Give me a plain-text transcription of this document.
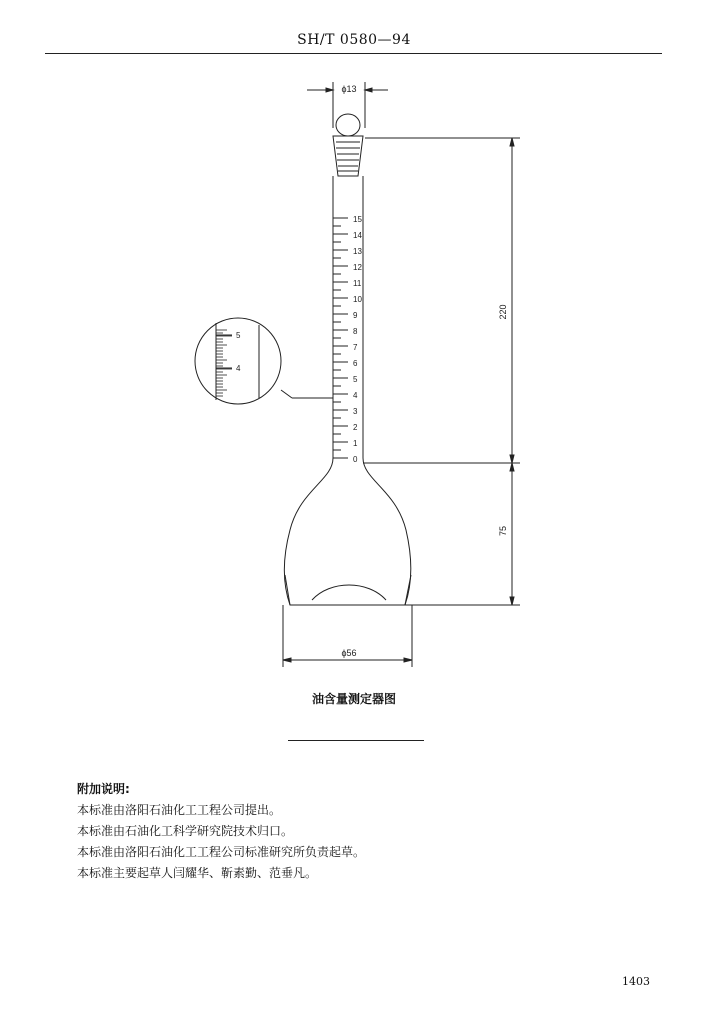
SH/T 0580—94
ϕ13
220
75
ϕ56
0
1
2
3
4
5
6
7
8
9
10
11
12
13
14
15
5
4
油含量测定器图

附加说明:

本标准由洛阳石油化工工程公司提出。

本标准由石油化工科学研究院技术归口。

本标准由洛阳石油化工工程公司标准研究所负责起草。

本标准主要起草人闫耀华、靳素勤、范垂凡。

1403
